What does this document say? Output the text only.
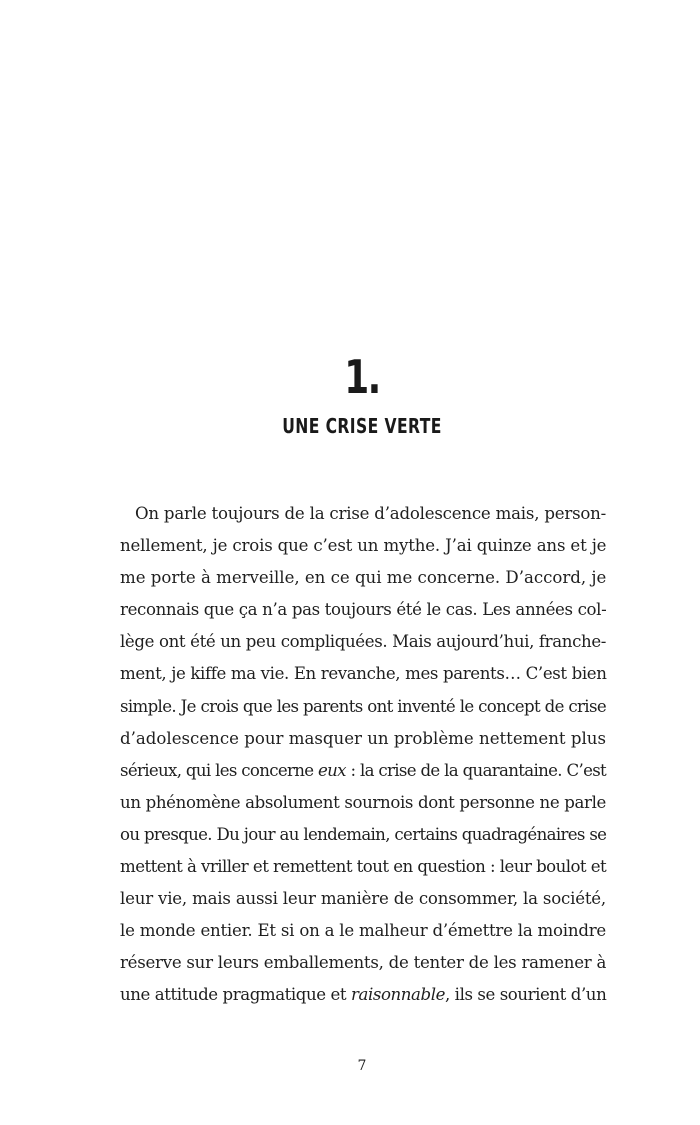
1.
UNE CRISE VERTE
On parle toujours de la crise d’adolescence mais, person-
nellement, je crois que c’est un mythe. J’ai quinze ans et je
me porte à merveille, en ce qui me concerne. D’accord, je
reconnais que ça n’a pas toujours été le cas. Les années col-
lège ont été un peu compliquées. Mais aujourd’hui, franche-
ment, je kiffe ma vie. En revanche, mes parents… C’est bien
simple. Je crois que les parents ont inventé le concept de crise
d’adolescence pour masquer un problème nettement plus
sérieux, qui les concerne eux : la crise de la quarantaine. C’est
un phénomène absolument sournois dont personne ne parle
ou presque. Du jour au lendemain, certains quadragénaires se
mettent à vriller et remettent tout en question : leur boulot et
leur vie, mais aussi leur manière de consommer, la société,
le monde entier. Et si on a le malheur d’émettre la moindre
réserve sur leurs emballements, de tenter de les ramener à
une attitude pragmatique et raisonnable, ils se sourient d’un
7
